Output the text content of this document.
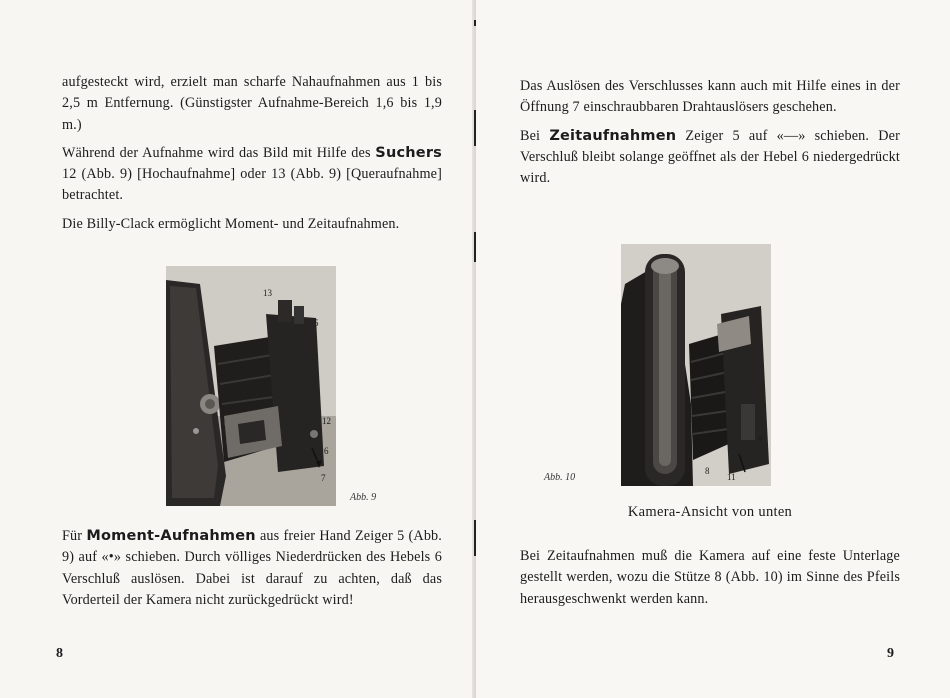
aufgesteckt wird, erzielt man scharfe Nahaufnahmen aus 1 bis 2,5 m Entfernung. (Günstigster Aufnahme-Bereich 1,6 bis 1,9 m.)

Während der Aufnahme wird das Bild mit Hilfe des Suchers 12 (Abb. 9) [Hochaufnahme] oder 13 (Abb. 9) [Queraufnahme] betrachtet.

Die Billy-Clack ermöglicht Moment- und Zeitaufnahmen.

13
5
12
6
7
Abb. 9

Für Moment-Aufnahmen aus freier Hand Zeiger 5 (Abb. 9) auf «•» schieben. Durch völliges Niederdrücken des Hebels 6 Verschluß auslösen. Dabei ist darauf zu achten, daß das Vorderteil der Kamera nicht zurückgedrückt wird!

8

Das Auslösen des Verschlusses kann auch mit Hilfe eines in der Öffnung 7 einschraubbaren Drahtauslösers geschehen.

Bei Zeitaufnahmen Zeiger 5 auf «—» schieben. Der Verschluß bleibt solange geöffnet als der Hebel 6 niedergedrückt wird.

9
8
11
Abb. 10
Kamera-Ansicht von unten

Bei Zeitaufnahmen muß die Kamera auf eine feste Unterlage gestellt werden, wozu die Stütze 8 (Abb. 10) im Sinne des Pfeils herausgeschwenkt werden kann.

9
